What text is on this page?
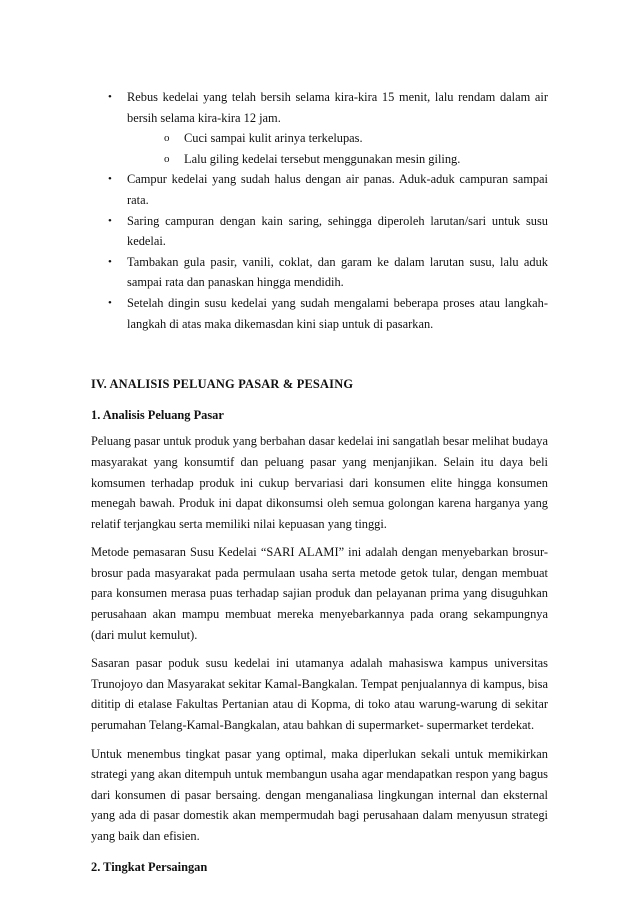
• Rebus kedelai yang telah bersih selama kira-kira 15 menit, lalu rendam dalam air bersih selama kira-kira 12 jam.
o Cuci sampai kulit arinya terkelupas.
o Lalu giling kedelai tersebut menggunakan mesin giling.
• Campur kedelai yang sudah halus dengan air panas. Aduk-aduk campuran sampai rata.
• Saring campuran dengan kain saring, sehingga diperoleh larutan/sari untuk susu kedelai.
• Tambakan gula pasir, vanili, coklat, dan garam ke dalam larutan susu, lalu aduk sampai rata dan panaskan hingga mendidih.
• Setelah dingin susu kedelai yang sudah mengalami beberapa proses atau langkah-langkah di atas maka dikemasdan kini siap untuk di pasarkan.
IV. ANALISIS PELUANG PASAR & PESAING
1. Analisis Peluang Pasar

Peluang pasar untuk produk yang berbahan dasar kedelai ini sangatlah besar melihat budaya masyarakat yang konsumtif dan peluang pasar yang menjanjikan. Selain itu daya beli komsumen terhadap produk ini cukup bervariasi dari konsumen elite hingga konsumen menegah bawah. Produk ini dapat dikonsumsi oleh semua golongan karena harganya yang relatif terjangkau serta memiliki nilai kepuasan yang tinggi.

Metode pemasaran Susu Kedelai “SARI ALAMI” ini adalah dengan menyebarkan brosur-brosur pada masyarakat pada permulaan usaha serta metode getok tular, dengan membuat para konsumen merasa puas terhadap sajian produk dan pelayanan prima yang disuguhkan perusahaan akan mampu membuat mereka menyebarkannya pada orang sekampungnya (dari mulut kemulut).

Sasaran pasar poduk susu kedelai ini utamanya adalah mahasiswa kampus universitas Trunojoyo dan Masyarakat sekitar Kamal-Bangkalan. Tempat penjualannya di kampus, bisa dititip di etalase Fakultas Pertanian atau di Kopma, di toko atau warung-warung di sekitar perumahan Telang-Kamal-Bangkalan, atau bahkan di supermarket- supermarket terdekat.

Untuk menembus tingkat pasar yang optimal, maka diperlukan sekali untuk memikirkan strategi yang akan ditempuh untuk membangun usaha agar mendapatkan respon yang bagus dari konsumen di pasar bersaing. dengan menganaliasa lingkungan internal dan eksternal yang ada di pasar domestik akan mempermudah bagi perusahaan dalam menyusun strategi yang baik dan efisien.

2. Tingkat Persaingan
